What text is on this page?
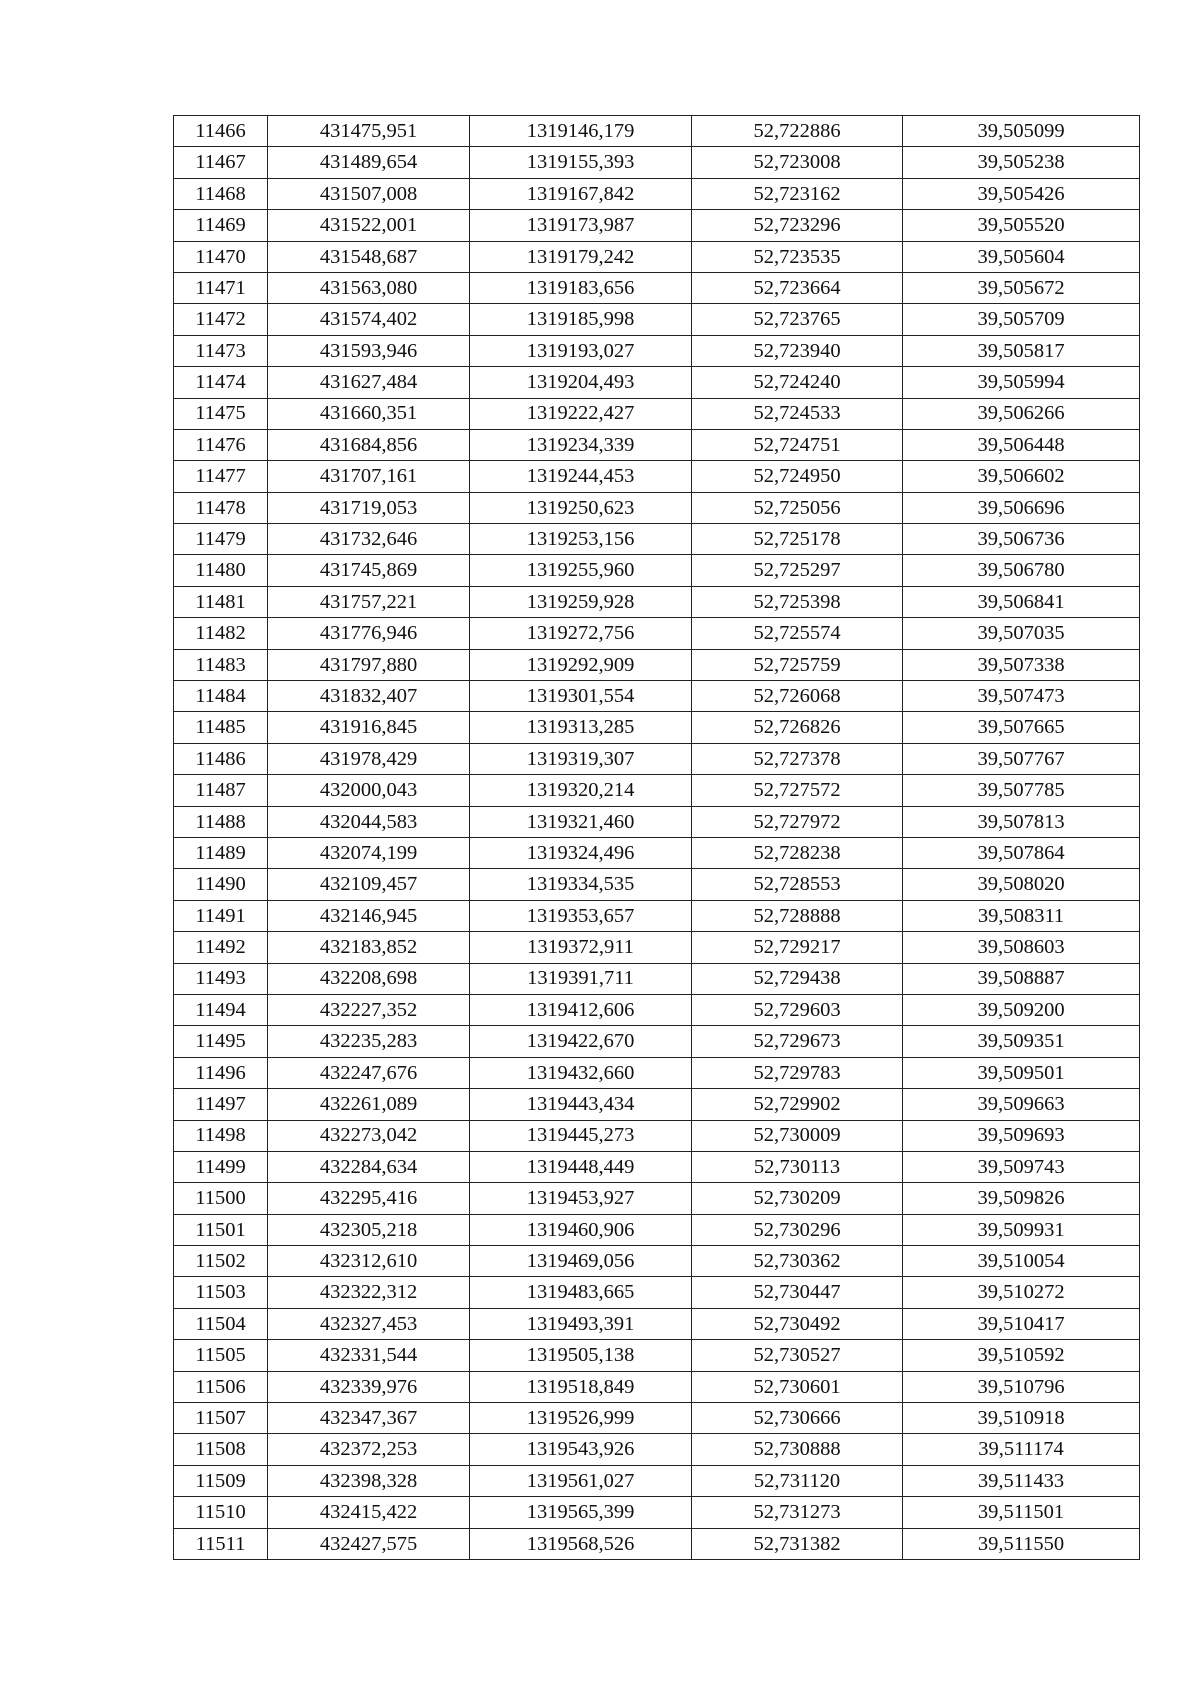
11466	431475,951	1319146,179	52,722886	39,505099
11467	431489,654	1319155,393	52,723008	39,505238
11468	431507,008	1319167,842	52,723162	39,505426
11469	431522,001	1319173,987	52,723296	39,505520
11470	431548,687	1319179,242	52,723535	39,505604
11471	431563,080	1319183,656	52,723664	39,505672
11472	431574,402	1319185,998	52,723765	39,505709
11473	431593,946	1319193,027	52,723940	39,505817
11474	431627,484	1319204,493	52,724240	39,505994
11475	431660,351	1319222,427	52,724533	39,506266
11476	431684,856	1319234,339	52,724751	39,506448
11477	431707,161	1319244,453	52,724950	39,506602
11478	431719,053	1319250,623	52,725056	39,506696
11479	431732,646	1319253,156	52,725178	39,506736
11480	431745,869	1319255,960	52,725297	39,506780
11481	431757,221	1319259,928	52,725398	39,506841
11482	431776,946	1319272,756	52,725574	39,507035
11483	431797,880	1319292,909	52,725759	39,507338
11484	431832,407	1319301,554	52,726068	39,507473
11485	431916,845	1319313,285	52,726826	39,507665
11486	431978,429	1319319,307	52,727378	39,507767
11487	432000,043	1319320,214	52,727572	39,507785
11488	432044,583	1319321,460	52,727972	39,507813
11489	432074,199	1319324,496	52,728238	39,507864
11490	432109,457	1319334,535	52,728553	39,508020
11491	432146,945	1319353,657	52,728888	39,508311
11492	432183,852	1319372,911	52,729217	39,508603
11493	432208,698	1319391,711	52,729438	39,508887
11494	432227,352	1319412,606	52,729603	39,509200
11495	432235,283	1319422,670	52,729673	39,509351
11496	432247,676	1319432,660	52,729783	39,509501
11497	432261,089	1319443,434	52,729902	39,509663
11498	432273,042	1319445,273	52,730009	39,509693
11499	432284,634	1319448,449	52,730113	39,509743
11500	432295,416	1319453,927	52,730209	39,509826
11501	432305,218	1319460,906	52,730296	39,509931
11502	432312,610	1319469,056	52,730362	39,510054
11503	432322,312	1319483,665	52,730447	39,510272
11504	432327,453	1319493,391	52,730492	39,510417
11505	432331,544	1319505,138	52,730527	39,510592
11506	432339,976	1319518,849	52,730601	39,510796
11507	432347,367	1319526,999	52,730666	39,510918
11508	432372,253	1319543,926	52,730888	39,511174
11509	432398,328	1319561,027	52,731120	39,511433
11510	432415,422	1319565,399	52,731273	39,511501
11511	432427,575	1319568,526	52,731382	39,511550
